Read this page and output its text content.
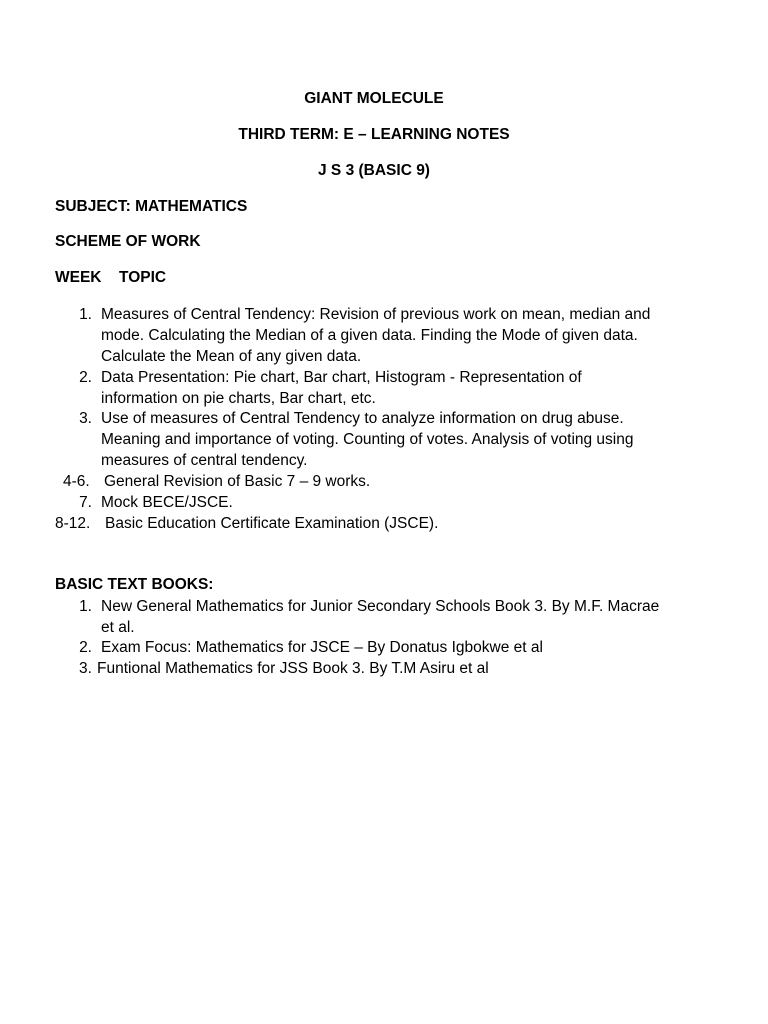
GIANT MOLECULE
THIRD TERM: E – LEARNING NOTES
J S 3 (BASIC 9)
SUBJECT: MATHEMATICS
SCHEME OF WORK
WEEK TOPIC
1. Measures of Central Tendency: Revision of previous work on mean, median and
mode. Calculating the Median of a given data. Finding the Mode of given data.
Calculate the Mean of any given data.
2. Data Presentation: Pie chart, Bar chart, Histogram - Representation of
information on pie charts, Bar chart, etc.
3. Use of measures of Central Tendency to analyze information on drug abuse.
Meaning and importance of voting. Counting of votes. Analysis of voting using
measures of central tendency.
4-6. General Revision of Basic 7 – 9 works.
7. Mock BECE/JSCE.
8-12. Basic Education Certificate Examination (JSCE).
BASIC TEXT BOOKS:
1. New General Mathematics for Junior Secondary Schools Book 3. By M.F. Macrae
et al.
2. Exam Focus: Mathematics for JSCE – By Donatus Igbokwe et al
3. Funtional Mathematics for JSS Book 3. By T.M Asiru et al
